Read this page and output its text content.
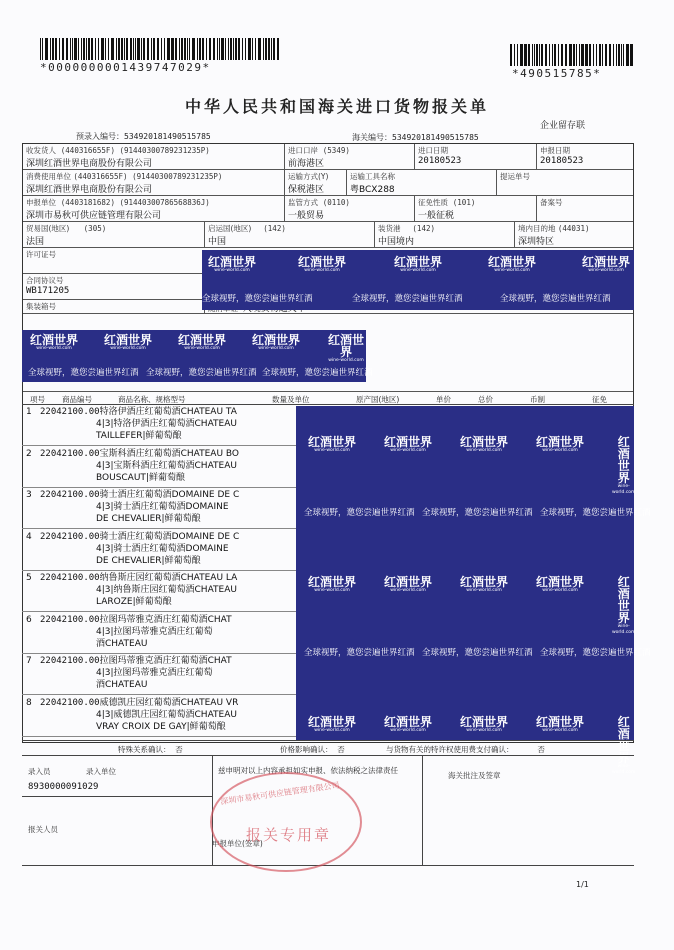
*0000000001439747029*	*490515785*
中华人民共和国海关进口货物报关单
企业留存联
预录入编号：534920181490515785	海关编号：534920181490515785
收发货人 (440316655F) (9144030078923123​5P)
深圳红酒世界电商股份有限公司
进口口岸 (5349)
前海港区
进口日期
20180523
申报日期
20180523
消费使用单位 (440316655F) (91440300789231235P)
深圳红酒世界电商股份有限公司
运输方式(Y)
保税港区
运输工具名称
粤BCX288
提运单号
申报单位 (4403181682) (91440300786568836J)
深圳市易秋可供应链管理有限公司
监管方式 (0110)
一般贸易
征免性质 (101)
一般征税
备案号
贸易国(地区) (305)
法国
启运国(地区) (142)
中国
装货港 (142)
中国境内
境内目的地 (44031)
深圳特区
许可证号
合同协议号
WB171205
集装箱号

项号 商品编号	商品名称、规格型号	数量及单位	原产国(地区)	单价	总价	币制	征免
1 22042100.00特洛伊酒庄红葡萄酒CHATEAU TA
4|3|特洛伊酒庄红葡萄酒CHATEAU
TAILLEFER|鲜葡萄酿
2 22042100.00宝斯科酒庄红葡萄酒CHATEAU BO
4|3|宝斯科酒庄红葡萄酒CHATEAU
BOUSCAUT|鲜葡萄酿
3 22042100.00骑士酒庄红葡萄酒DOMAINE DE C
4|3|骑士酒庄红葡萄酒DOMAINE
DE CHEVALIER|鲜葡萄酿
4 22042100.00骑士酒庄红葡萄酒DOMAINE DE C
4|3|骑士酒庄红葡萄酒DOMAINE
DE CHEVALIER|鲜葡萄酿
5 22042100.00纳鲁斯庄园红葡萄酒CHATEAU LA
4|3|纳鲁斯庄园红葡萄酒CHATEAU
LAROZE|鲜葡萄酿
6 22042100.00拉图玛蒂雅克酒庄红葡萄酒CHAT
4|3|拉图玛蒂雅克酒庄红葡萄
酒CHATEAU
7 22042100.00拉图玛蒂雅克酒庄红葡萄酒CHAT
4|3|拉图玛蒂雅克酒庄红葡萄
酒CHATEAU
8 22042100.00威德凯庄园红葡萄酒CHATEAU VR
4|3|威德凯庄园红葡萄酒CHATEAU
VRAY CROIX DE GAY|鲜葡萄酿
红酒世界
wine-world.com
红酒世界
wine-world.com
红酒世界
wine-world.com
红酒世界
wine-world.com
红酒世界
wine-world.com
全球视野，邀您尝遍世界红酒	全球视野，邀您尝遍世界红酒	全球视野，邀您尝遍世界红酒
红酒世界
wine-world.com
红酒世界
wine-world.com
红酒世界
wine-world.com
红酒世界
wine-world.com
红酒世界
wine-world.com
全球视野，邀您尝遍世界红酒 全球视野，邀您尝遍世界红酒 全球视野，邀您尝遍世界红酒
红酒世界
wine-world.com
红酒世界
wine-world.com
红酒世界
wine-world.com
红酒世界
wine-world.com
红酒世界
wine-world.com
红酒世界
wine-world.com
红酒世界
wine-world.com
红酒世界
wine-world.com
红酒世界
wine-world.com
红酒世界
wine-world.com
红酒世界
wine-world.com
红酒世界
wine-world.com
红酒世界
wine-world.com
红酒世界
wine-world.com
红酒世界
wine-world.com
全球视野，邀您尝遍世界红酒 全球视野，邀您尝遍世界红酒 全球视野，邀您尝遍世界红酒
全球视野，邀您尝遍世界红酒 全球视野，邀您尝遍世界红酒 全球视野，邀您尝遍世界红酒
特殊关系确认： 否	价格影响确认： 否	与货物有关的特许权使用费支付确认：	否
录入员	录入单位
8930000091029
报关人员
兹申明对以上内容承担如实申报、依法纳税之法律责任
申报单位(签章)
海关批注及签章
深圳市易秋可供应链管理有限公司
报关专用章
1/1
